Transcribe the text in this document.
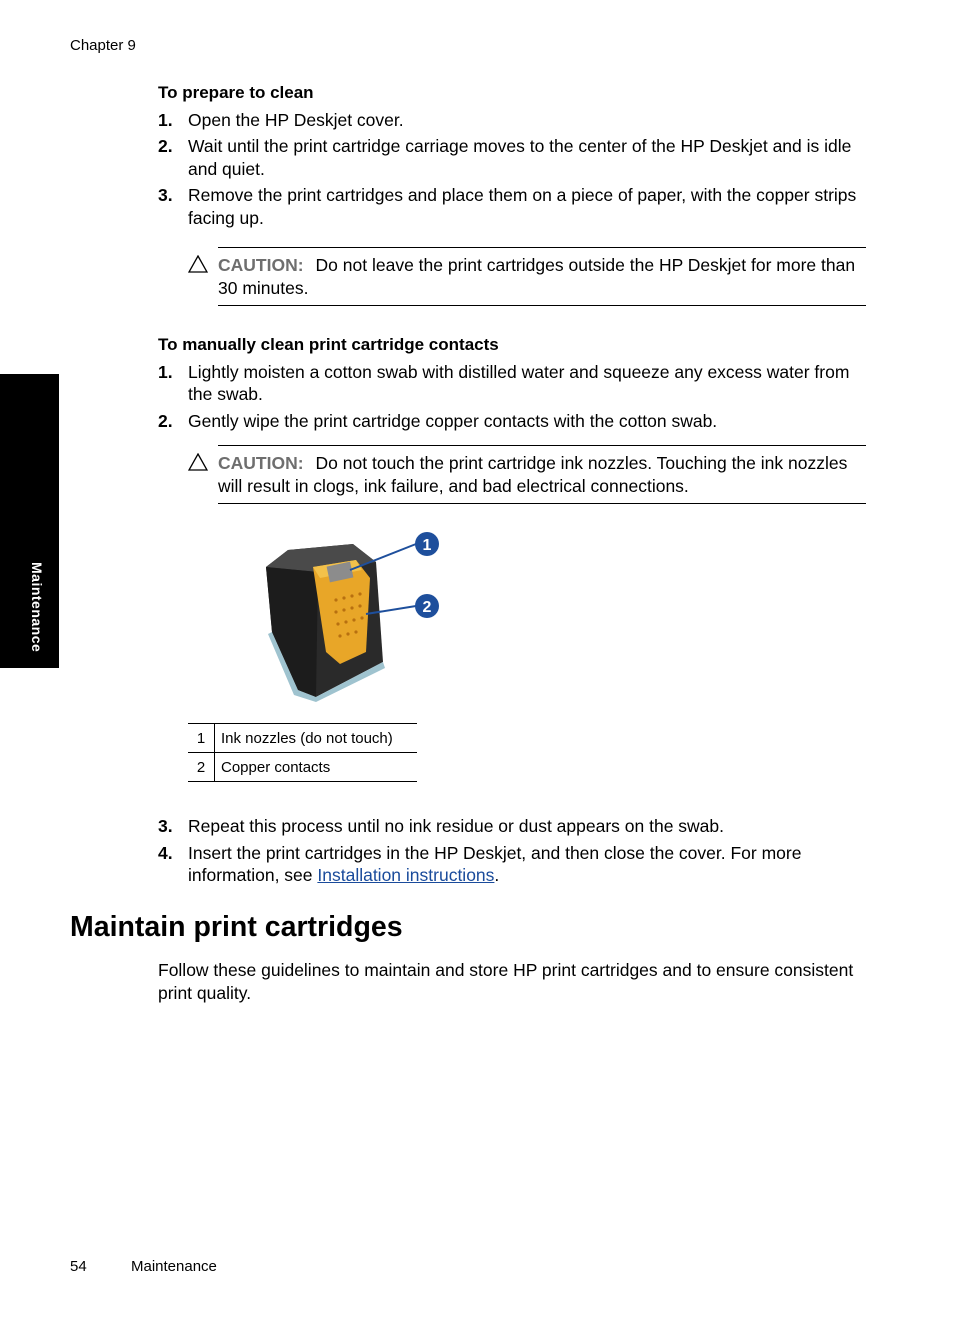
Chapter 9
Maintenance

To prepare to clean

1. Open the HP Deskjet cover.
2. Wait until the print cartridge carriage moves to the center of the HP Deskjet and is idle and quiet.
3. Remove the print cartridges and place them on a piece of paper, with the copper strips facing up.
CAUTION: Do not leave the print cartridges outside the HP Deskjet for more than 30 minutes.

To manually clean print cartridge contacts

1. Lightly moisten a cotton swab with distilled water and squeeze any excess water from the swab.
2. Gently wipe the print cartridge copper contacts with the cotton swab.
CAUTION: Do not touch the print cartridge ink nozzles. Touching the ink nozzles will result in clogs, ink failure, and bad electrical connections.
1
2
1	Ink nozzles (do not touch)
2	Copper contacts
3. Repeat this process until no ink residue or dust appears on the swab.
4. Insert the print cartridges in the HP Deskjet, and then close the cover. For more information, see Installation instructions.
Maintain print cartridges

Follow these guidelines to maintain and store HP print cartridges and to ensure consistent print quality.

54	Maintenance
